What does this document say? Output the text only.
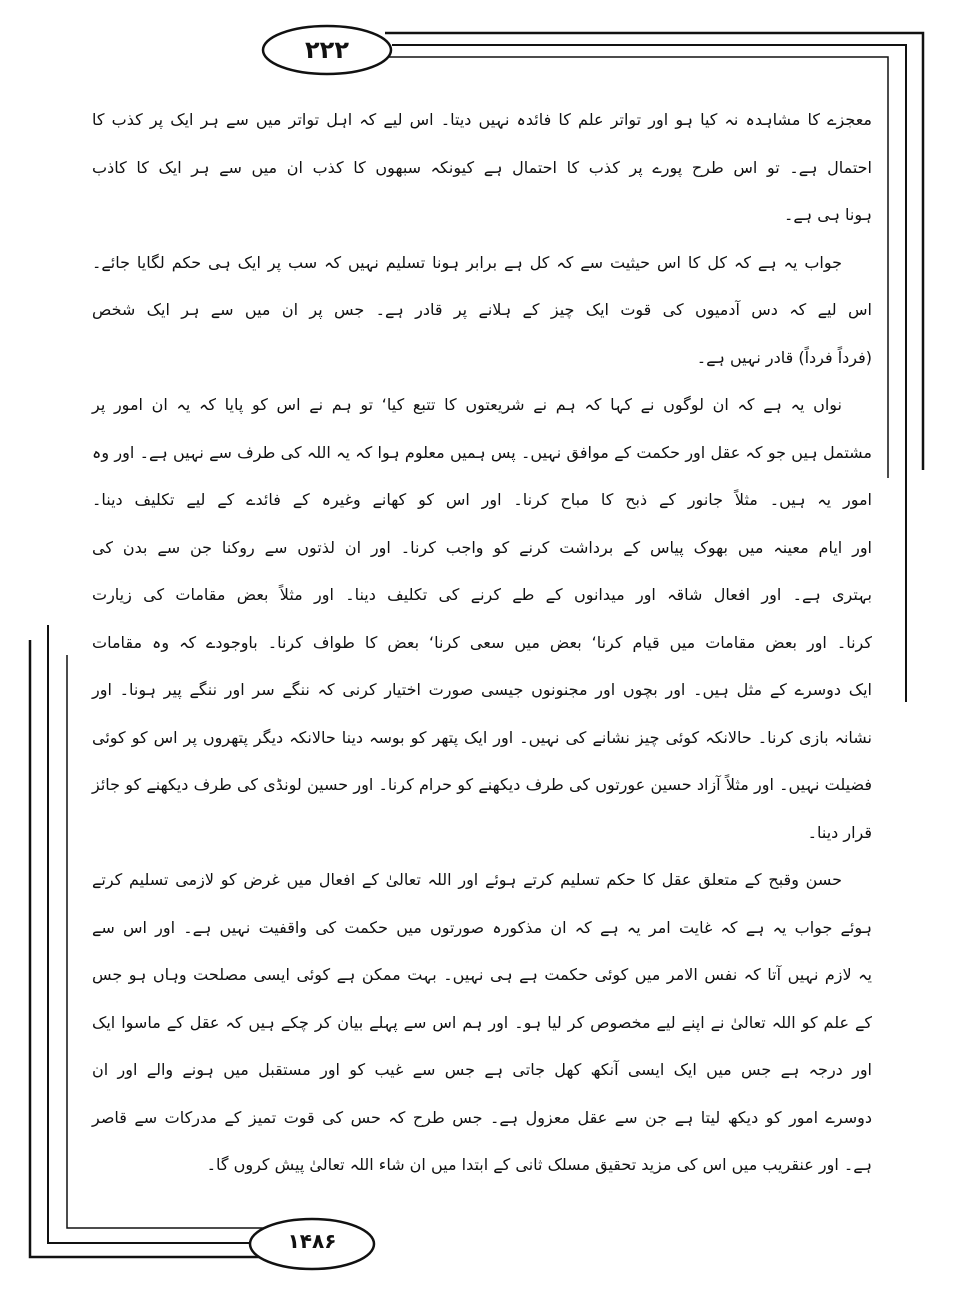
۲۲۲
۱۴۸۶
معجزے کا مشاہدہ نہ کیا ہو اور تواتر علم کا فائدہ نہیں دیتا۔ اس لیے کہ اہل تواتر میں سے ہر ایک پر کذب کا
احتمال ہے۔ تو اس طرح پورے پر کذب کا احتمال ہے کیونکہ سبھوں کا کذب ان میں سے ہر ایک کا کاذب
ہونا ہی ہے۔
جواب یہ ہے کہ کل کا اس حیثیت سے کہ کل ہے برابر ہونا تسلیم نہیں کہ سب پر ایک ہی حکم لگایا جائے۔
اس لیے کہ دس آدمیوں کی قوت ایک چیز کے ہلانے پر قادر ہے۔ جس پر ان میں سے ہر ایک شخص
(فرداً فرداً) قادر نہیں ہے۔
نواں یہ ہے کہ ان لوگوں نے کہا کہ ہم نے شریعتوں کا تتبع کیا‘ تو ہم نے اس کو پایا کہ یہ ان امور پر
مشتمل ہیں جو کہ عقل اور حکمت کے موافق نہیں۔ پس ہمیں معلوم ہوا کہ یہ اللہ کی طرف سے نہیں ہے۔ اور وہ
امور یہ ہیں۔ مثلاً جانور کے ذبح کا مباح کرنا۔ اور اس کو کھانے وغیرہ کے فائدے کے لیے تکلیف دینا۔
اور ایام معینہ میں بھوک پیاس کے برداشت کرنے کو واجب کرنا۔ اور ان لذتوں سے روکنا جن سے بدن کی
بہتری ہے۔ اور افعال شاقہ اور میدانوں کے طے کرنے کی تکلیف دینا۔ اور مثلاً بعض مقامات کی زیارت
کرنا۔ اور بعض مقامات میں قیام کرنا‘ بعض میں سعی کرنا‘ بعض کا طواف کرنا۔ باوجودے کہ وہ مقامات
ایک دوسرے کے مثل ہیں۔ اور بچوں اور مجنونوں جیسی صورت اختیار کرنی کہ ننگے سر اور ننگے پیر ہونا۔ اور
نشانہ بازی کرنا۔ حالانکہ کوئی چیز نشانے کی نہیں۔ اور ایک پتھر کو بوسہ دینا حالانکہ دیگر پتھروں پر اس کو کوئی
فضیلت نہیں۔ اور مثلاً آزاد حسین عورتوں کی طرف دیکھنے کو حرام کرنا۔ اور حسین لونڈی کی طرف دیکھنے کو جائز
قرار دینا۔
حسن وقبح کے متعلق عقل کا حکم تسلیم کرتے ہوئے اور اللہ تعالیٰ کے افعال میں غرض کو لازمی تسلیم کرتے
ہوئے جواب یہ ہے کہ غایت امر یہ ہے کہ ان مذکورہ صورتوں میں حکمت کی واقفیت نہیں ہے۔ اور اس سے
یہ لازم نہیں آتا کہ نفس الامر میں کوئی حکمت ہے ہی نہیں۔ بہت ممکن ہے کوئی ایسی مصلحت وہاں ہو جس
کے علم کو اللہ تعالیٰ نے اپنے لیے مخصوص کر لیا ہو۔ اور ہم اس سے پہلے بیان کر چکے ہیں کہ عقل کے ماسوا ایک
اور درجہ ہے جس میں ایک ایسی آنکھ کھل جاتی ہے جس سے غیب کو اور مستقبل میں ہونے والے اور ان
دوسرے امور کو دیکھ لیتا ہے جن سے عقل معزول ہے۔ جس طرح کہ حس کی قوت تمیز کے مدرکات سے قاصر
ہے۔ اور عنقریب میں اس کی مزید تحقیق مسلک ثانی کے ابتدا میں ان شاء اللہ تعالیٰ پیش کروں گا۔
